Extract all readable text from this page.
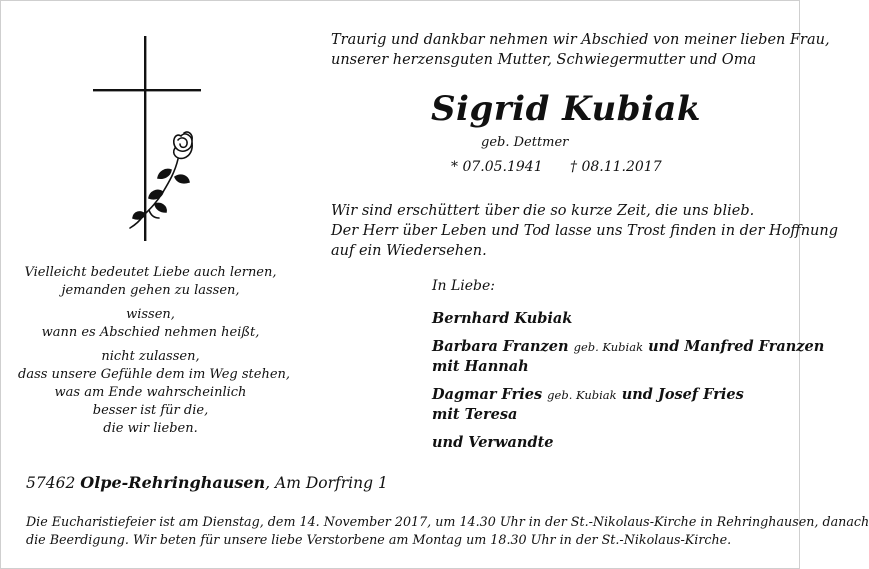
Traurig und dankbar nehmen wir Abschied von meiner lieben Frau,
unserer herzensguten Mutter, Schwiegermutter und Oma
Sigrid Kubiak
geb. Dettmer
* 07.05.1941 † 08.11.2017
Wir sind erschüttert über die so kurze Zeit, die uns blieb.
Der Herr über Leben und Tod lasse uns Trost finden in der Hoffnung
auf ein Wiedersehen.
In Liebe:
Bernhard Kubiak
Barbara Franzen geb. Kubiak und Manfred Franzen
mit Hannah
Dagmar Fries geb. Kubiak und Josef Fries
mit Teresa
und Verwandte
Vielleicht bedeutet Liebe auch lernen,
jemanden gehen zu lassen,
wissen,
wann es Abschied nehmen heißt,
nicht zulassen,
dass unsere Gefühle dem im Weg stehen,
was am Ende wahrscheinlich
besser ist für die,
die wir lieben.
57462 Olpe-Rehringhausen, Am Dorfring 1
Die Eucharistiefeier ist am Dienstag, dem 14. November 2017, um 14.30 Uhr in der St.-Nikolaus-Kirche in Rehringhausen, danach
die Beerdigung. Wir beten für unsere liebe Verstorbene am Montag um 18.30 Uhr in der St.-Nikolaus-Kirche.
